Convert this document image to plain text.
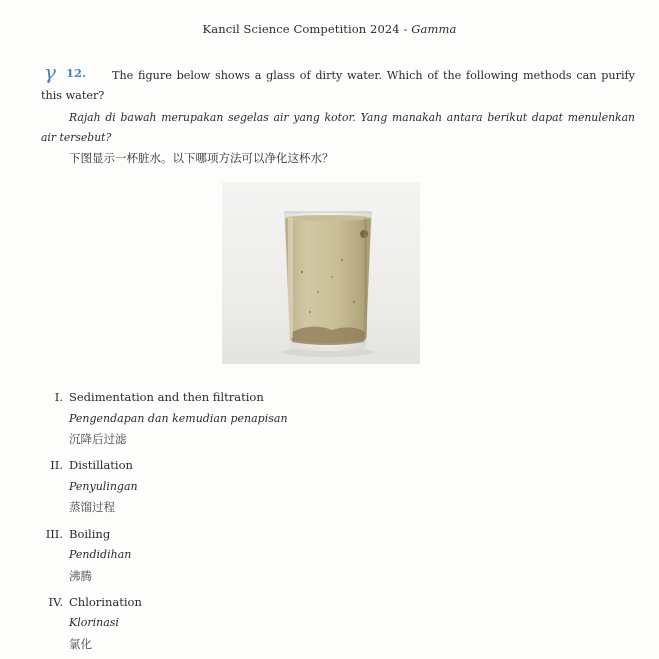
Kancil Science Competition 2024 - Gamma
γ 12.	The figure below shows a glass of dirty water. Which of the following methods can purify this water?
Rajah di bawah merupakan segelas air yang kotor. Yang manakah antara berikut dapat menulenkan air tersebut?
下图显示一杯脏水。以下哪项方法可以净化这杯水？
I. Sedimentation and then filtration
Pengendapan dan kemudian penapisan
沉降后过滤
II. Distillation
Penyulingan
蒸馏过程
III. Boiling
Pendidihan
沸腾
IV. Chlorination
Klorinasi
氯化
